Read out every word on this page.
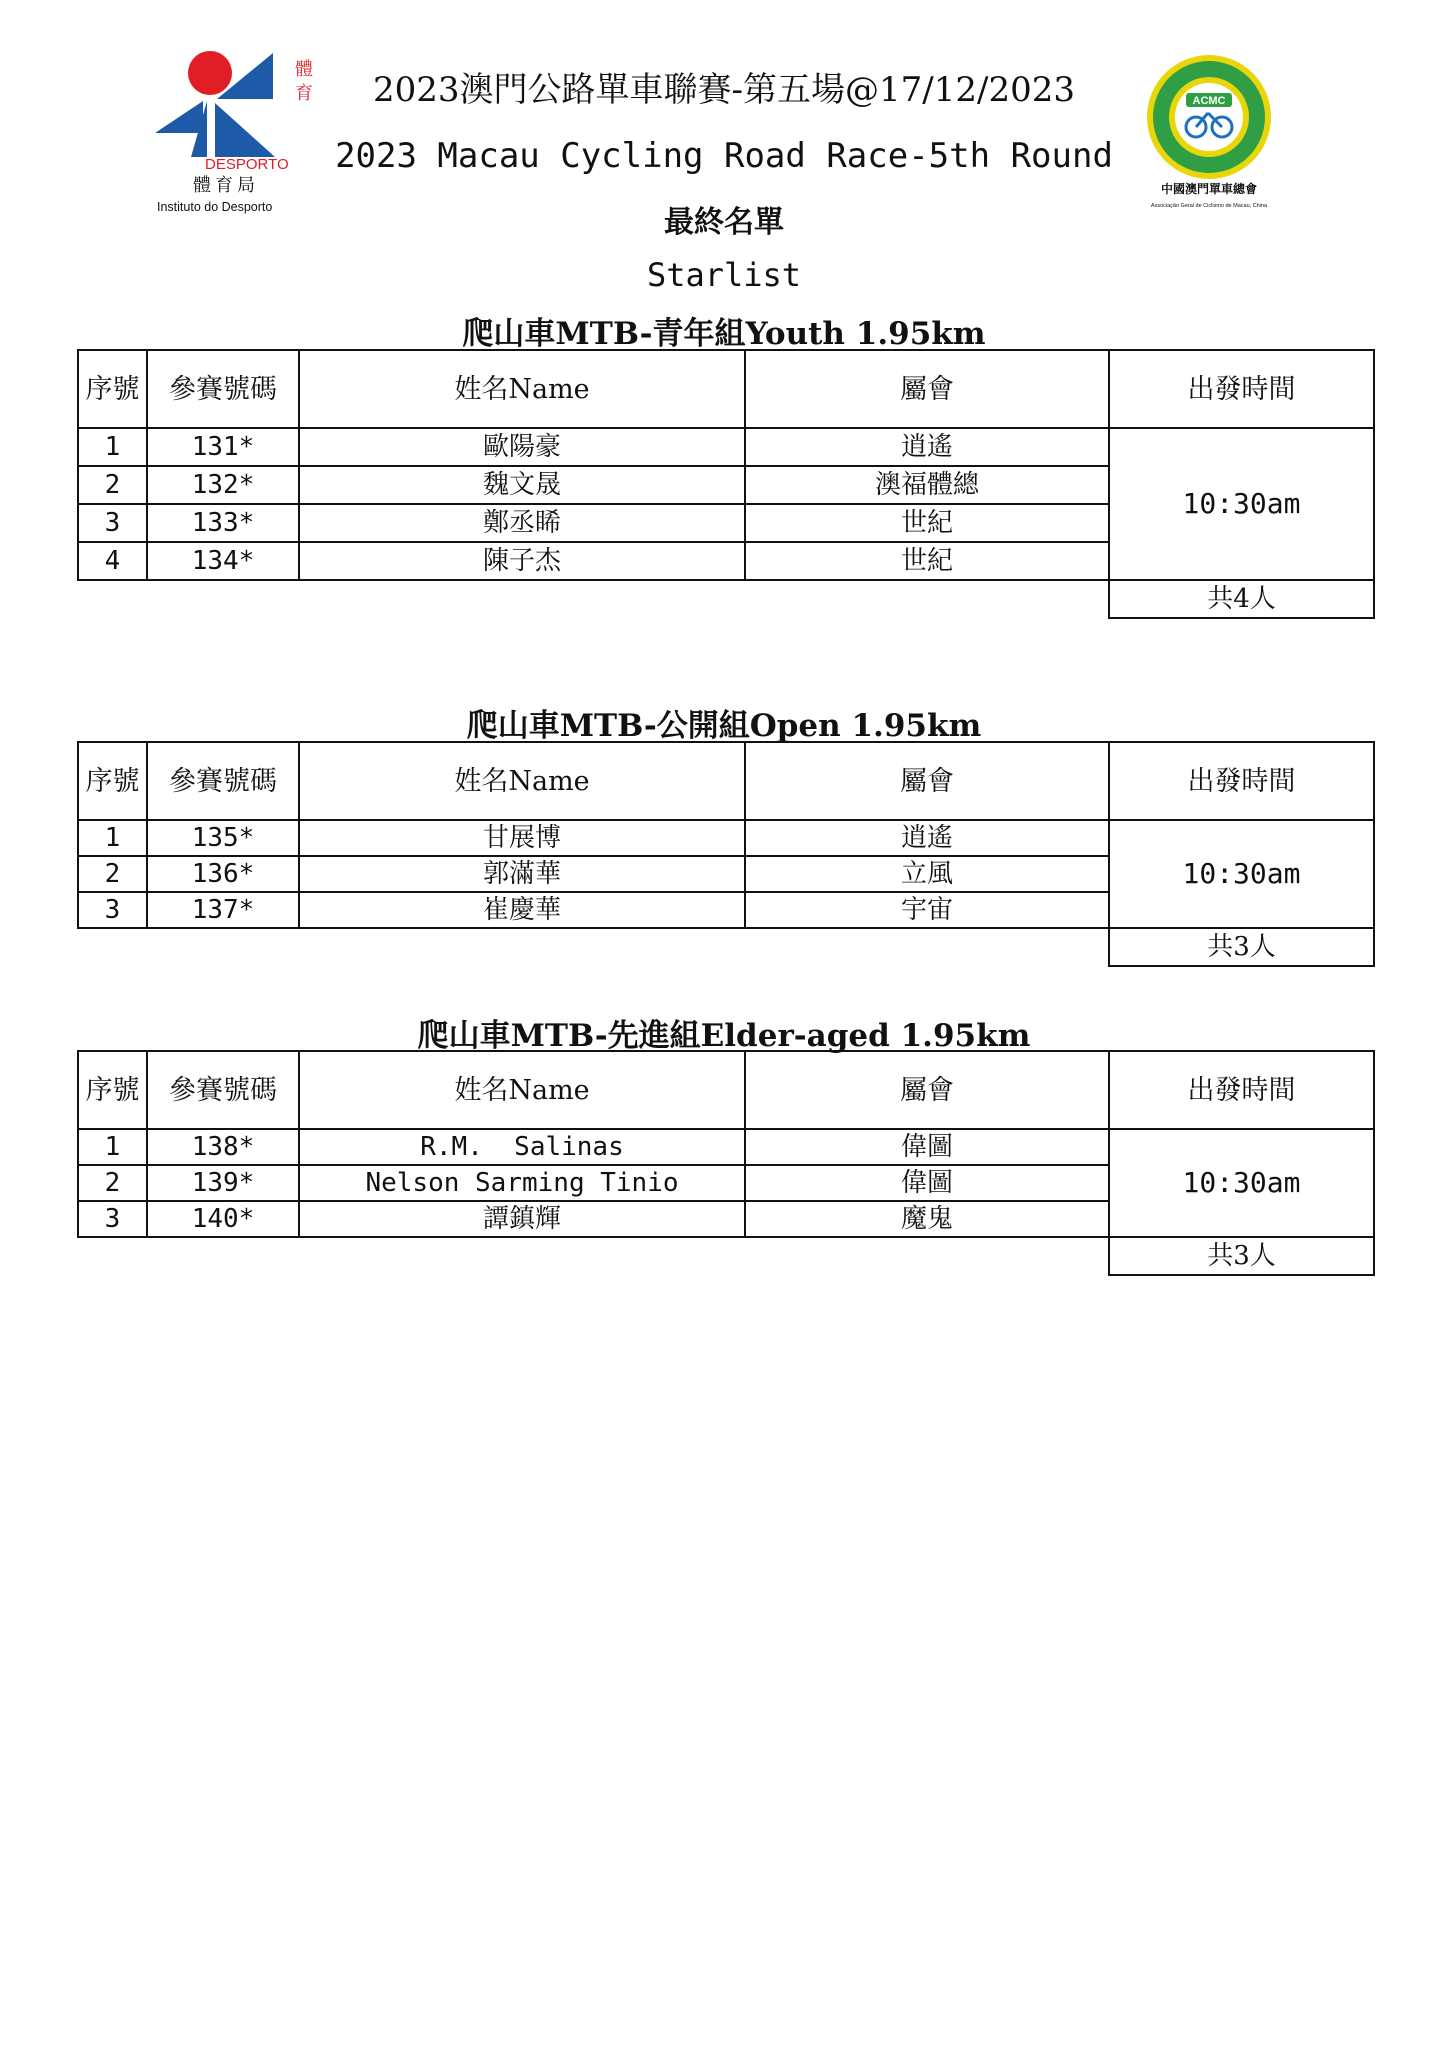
體
育
DESPORTO
體育局
Instituto do Desporto
ACMC
中國澳門單車總會
Associação Geral de Ciclismo de Macau, China
2023澳門公路單車聯賽-第五場@17/12/2023
2023 Macau Cycling Road Race-5th Round
最終名單
Starlist
爬山車MTB-青年組Youth 1.95km
序號	參賽號碼	姓名Name	屬會	出發時間
1	131*	歐陽豪	逍遙	10:30am
2	132*	魏文晟	澳福體總	
3	133*	鄭丞睎	世紀	
4	134*	陳子杰	世紀	
				共4人
爬山車MTB-公開組Open 1.95km
序號	參賽號碼	姓名Name	屬會	出發時間
1	135*	甘展博	逍遙	10:30am
2	136*	郭滿華	立風	
3	137*	崔慶華	宇宙	
				共3人
爬山車MTB-先進組Elder-aged 1.95km
序號	參賽號碼	姓名Name	屬會	出發時間
1	138*	R.M.  Salinas	偉圖	10:30am
2	139*	Nelson Sarming Tinio	偉圖	
3	140*	譚鎮輝	魔鬼	
				共3人
